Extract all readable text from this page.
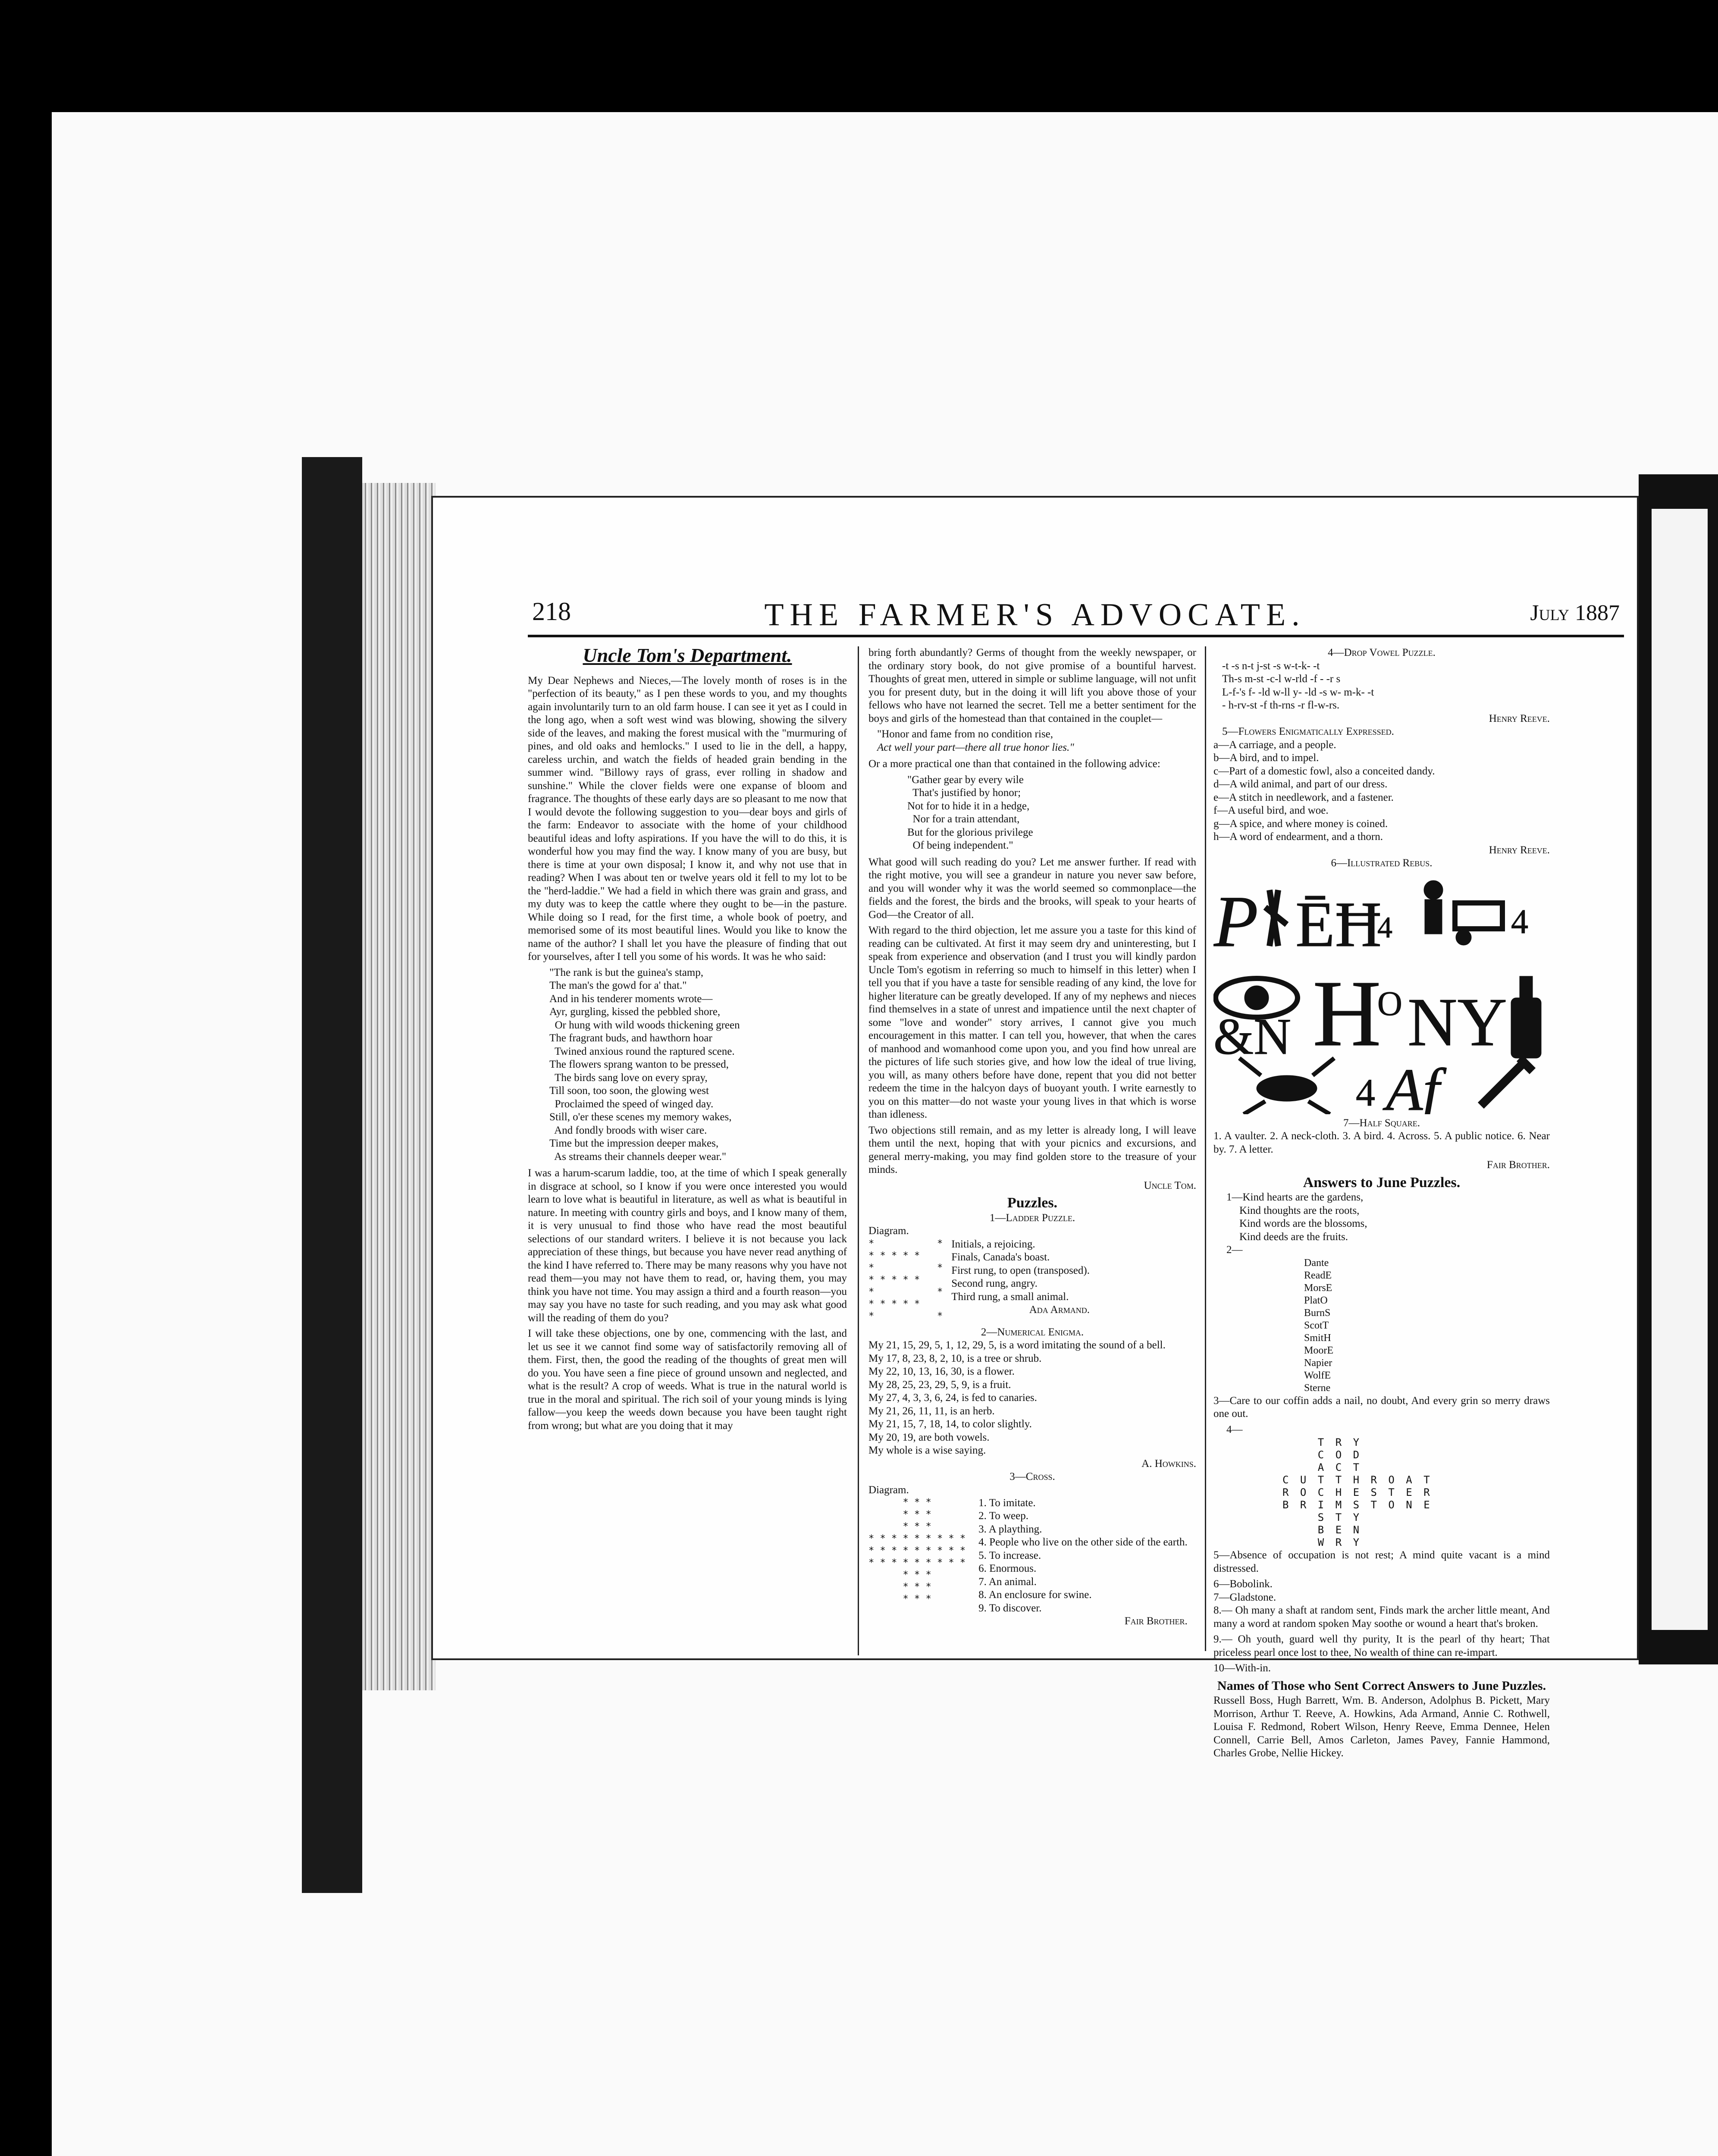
218	THE FARMER'S ADVOCATE.	July 1887
Uncle Tom's Department.

My Dear Nephews and Nieces,—The lovely month of roses is in the "perfection of its beauty," as I pen these words to you, and my thoughts again involuntarily turn to an old farm house. I can see it yet as I could in the long ago, when a soft west wind was blowing, showing the silvery side of the leaves, and making the forest musical with the "murmuring of pines, and old oaks and hemlocks." I used to lie in the dell, a happy, careless urchin, and watch the fields of headed grain bending in the summer wind. "Billowy rays of grass, ever rolling in shadow and sunshine." While the clover fields were one expanse of bloom and fragrance. The thoughts of these early days are so pleasant to me now that I would devote the following suggestion to you—dear boys and girls of the farm: Endeavor to associate with the home of your childhood beautiful ideas and lofty aspirations. If you have the will to do this, it is wonderful how you may find the way. I know many of you are busy, but there is time at your own disposal; I know it, and why not use that in reading? When I was about ten or twelve years old it fell to my lot to be the "herd-laddie." We had a field in which there was grain and grass, and my duty was to keep the cattle where they ought to be—in the pasture. While doing so I read, for the first time, a whole book of poetry, and memorised some of its most beautiful lines. Would you like to know the name of the author? I shall let you have the pleasure of finding that out for yourselves, after I tell you some of his words. It was he who said:

"The rank is but the guinea's stamp,
The man's the gowd for a' that."
And in his tenderer moments wrote—
Ayr, gurgling, kissed the pebbled shore,
Or hung with wild woods thickening green
The fragrant buds, and hawthorn hoar
Twined anxious round the raptured scene.
The flowers sprang wanton to be pressed,
The birds sang love on every spray,
Till soon, too soon, the glowing west
Proclaimed the speed of winged day.
Still, o'er these scenes my memory wakes,
And fondly broods with wiser care.
Time but the impression deeper makes,
As streams their channels deeper wear."

I was a harum-scarum laddie, too, at the time of which I speak generally in disgrace at school, so I know if you were once interested you would learn to love what is beautiful in literature, as well as what is beautiful in nature. In meeting with country girls and boys, and I know many of them, it is very unusual to find those who have read the most beautiful selections of our standard writers. I believe it is not because you lack appreciation of these things, but because you have never read anything of the kind I have referred to. There may be many reasons why you have not read them—you may not have them to read, or, having them, you may think you have not time. You may assign a third and a fourth reason—you may say you have no taste for such reading, and you may ask what good will the reading of them do you?

I will take these objections, one by one, commencing with the last, and let us see it we cannot find some way of satisfactorily removing all of them. First, then, the good the reading of the thoughts of great men will do you. You have seen a fine piece of ground unsown and neglected, and what is the result? A crop of weeds. What is true in the natural world is true in the moral and spiritual. The rich soil of your young minds is lying fallow—you keep the weeds down because you have been taught right from wrong; but what are you doing that it may

bring forth abundantly? Germs of thought from the weekly newspaper, or the ordinary story book, do not give promise of a bountiful harvest. Thoughts of great men, uttered in simple or sublime language, will not unfit you for present duty, but in the doing it will lift you above those of your fellows who have not learned the secret. Tell me a better sentiment for the boys and girls of the homestead than that contained in the couplet—

"Honor and fame from no condition rise,
Act well your part—there all true honor lies."

Or a more practical one than that contained in the following advice:

"Gather gear by every wile
That's justified by honor;
Not for to hide it in a hedge,
Nor for a train attendant,
But for the glorious privilege
Of being independent."

What good will such reading do you? Let me answer further. If read with the right motive, you will see a grandeur in nature you never saw before, and you will wonder why it was the world seemed so commonplace—the fields and the forest, the birds and the brooks, will speak to your hearts of God—the Creator of all.

With regard to the third objection, let me assure you a taste for this kind of reading can be cultivated. At first it may seem dry and uninteresting, but I speak from experience and observation (and I trust you will kindly pardon Uncle Tom's egotism in referring so much to himself in this letter) when I tell you that if you have a taste for sensible reading of any kind, the love for higher literature can be greatly developed. If any of my nephews and nieces find themselves in a state of unrest and impatience until the next chapter of some "love and wonder" story arrives, I cannot give you much encouragement in this matter. I can tell you, however, that when the cares of manhood and womanhood come upon you, and you find how unreal are the pictures of life such stories give, and how low the ideal of true living, you will, as many others before have done, repent that you did not better redeem the time in the halcyon days of buoyant youth. I write earnestly to you on this matter—do not waste your young lives in that which is worse than idleness.

Two objections still remain, and as my letter is already long, I will leave them until the next, hoping that with your picnics and excursions, and general merry-making, you may find golden store to the treasure of your minds.

Uncle Tom.
Puzzles.
1—Ladder Puzzle.
Diagram.
*           *
* * * * *
*           *
* * * * *
*           *
* * * * *
*           *
Initials, a rejoicing.
Finals, Canada's boast.
First rung, to open (transposed).
Second rung, angry.
Third rung, a small animal.
Ada Armand.
2—Numerical Enigma.
My 21, 15, 29, 5, 1, 12, 29, 5, is a word imitating the sound of a bell.
My 17, 8, 23, 8, 2, 10, is a tree or shrub.
My 22, 10, 13, 16, 30, is a flower.
My 28, 25, 23, 29, 5, 9, is a fruit.
My 27, 4, 3, 3, 6, 24, is fed to canaries.
My 21, 26, 11, 11, is an herb.
My 21, 15, 7, 18, 14, to color slightly.
My 20, 19, are both vowels.
My whole is a wise saying.
A. Howkins.
3—Cross.
Diagram.
* * *
* * *
* * *
* * * * * * * * *
* * * * * * * * *
* * * * * * * * *
* * *
* * *
* * *
1. To imitate.
2. To weep.
3. A plaything.
4. People who live on the other side of the earth.
5. To increase.
6. Enormous.
7. An animal.
8. An enclosure for swine.
9. To discover.
Fair Brother.
4—Drop Vowel Puzzle.
-t -s n-t j-st -s w-t-k- -t
Th-s m-st -c-l w-rld -f - -r s
L-f-'s f- -ld w-ll y- -ld -s w- m-k- -t
- h-rv-st -f th-rns -r fl-w-rs.
Henry Reeve.
5—Flowers Enigmatically Expressed.
a—A carriage, and a people.
b—A bird, and to impel.
c—Part of a domestic fowl, also a conceited dandy.
d—A wild animal, and part of our dress.
e—A stitch in needlework, and a fastener.
f—A useful bird, and woe.
g—A spice, and where money is coined.
h—A word of endearment, and a thorn.
Henry Reeve.
6—Illustrated Rebus.
P ĒĦ
4	4
&N H
O NY
4 Af
7—Half Square.

1. A vaulter. 2. A neck-cloth. 3. A bird. 4. Across. 5. A public notice. 6. Near by. 7. A letter.

Fair Brother.
Answers to June Puzzles.
1—Kind hearts are the gardens,
Kind thoughts are the roots,
Kind words are the blossoms,
Kind deeds are the fruits.
2—
Dante
ReadE
MorsE
PlatO
BurnS
ScotT
SmitH
MoorE
Napier
WolfE
Sterne

3—Care to our coffin adds a nail, no doubt, And every grin so merry draws one out.

4—
T R Y
C O D
A C T
C U T T H R O A T
R O C H E S T E R
B R I M S T O N E
S T Y
B E N
W R Y

5—Absence of occupation is not rest; A mind quite vacant is a mind distressed.

6—Bobolink.
7—Gladstone.

8.— Oh many a shaft at random sent, Finds mark the archer little meant, And many a word at random spoken May soothe or wound a heart that's broken.

9.— Oh youth, guard well thy purity, It is the pearl of thy heart; That priceless pearl once lost to thee, No wealth of thine can re-impart.

10—With-in.
Names of Those who Sent Correct Answers to June Puzzles.

Russell Boss, Hugh Barrett, Wm. B. Anderson, Adolphus B. Pickett, Mary Morrison, Arthur T. Reeve, A. Howkins, Ada Armand, Annie C. Rothwell, Louisa F. Redmond, Robert Wilson, Henry Reeve, Emma Dennee, Helen Connell, Carrie Bell, Amos Carleton, James Pavey, Fannie Hammond, Charles Grobe, Nellie Hickey.
